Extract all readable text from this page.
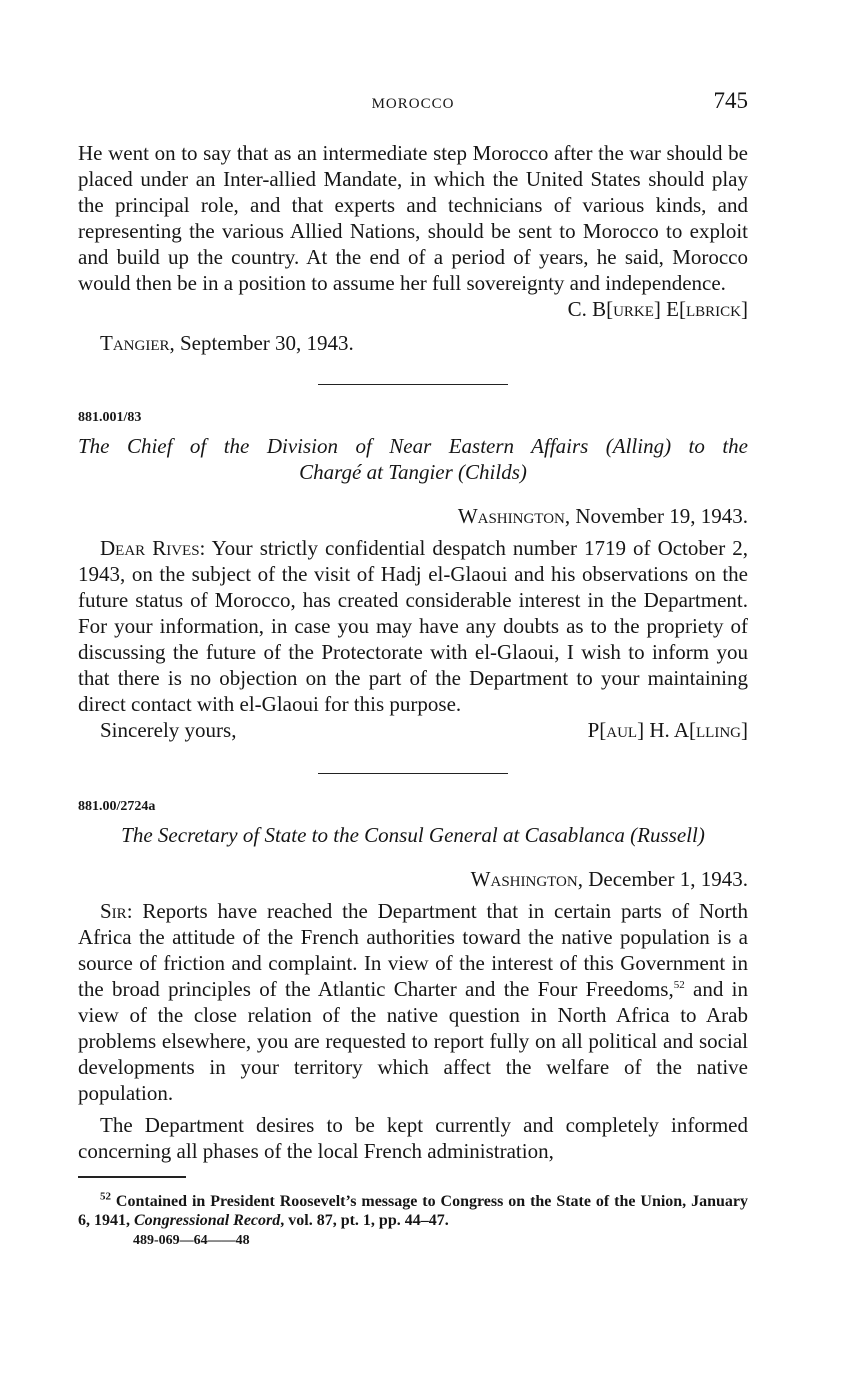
MOROCCO	745

He went on to say that as an intermediate step Morocco after the war should be placed under an Inter-allied Mandate, in which the United States should play the principal role, and that experts and technicians of various kinds, and representing the various Allied Nations, should be sent to Morocco to exploit and build up the country. At the end of a period of years, he said, Morocco would then be in a position to assume her full sovereignty and independence.

C. B[urke] E[lbrick]

Tangier, September 30, 1943.

881.001/83

The Chief of the Division of Near Eastern Affairs (Alling) to the

Chargé at Tangier (Childs)

Washington, November 19, 1943.

Dear Rives: Your strictly confidential despatch number 1719 of October 2, 1943, on the subject of the visit of Hadj el-Glaoui and his observations on the future status of Morocco, has created considerable interest in the Department. For your information, in case you may have any doubts as to the propriety of discussing the future of the Protectorate with el-Glaoui, I wish to inform you that there is no objection on the part of the Department to your maintaining direct contact with el-Glaoui for this purpose.

Sincerely yours,	P[aul] H. A[lling]

881.00/2724a

The Secretary of State to the Consul General at Casablanca (Russell)

Washington, December 1, 1943.

Sir: Reports have reached the Department that in certain parts of North Africa the attitude of the French authorities toward the native population is a source of friction and complaint. In view of the interest of this Government in the broad principles of the Atlantic Charter and the Four Freedoms,$^{52}$ and in view of the close relation of the native question in North Africa to Arab problems elsewhere, you are requested to report fully on all political and social developments in your territory which affect the welfare of the native population.

The Department desires to be kept currently and completely informed concerning all phases of the local French administration,

$^{52}$ Contained in President Roosevelt’s message to Congress on the State of the Union, January 6, 1941, Congressional Record, vol. 87, pt. 1, pp. 44–47.

489-069—64——48
